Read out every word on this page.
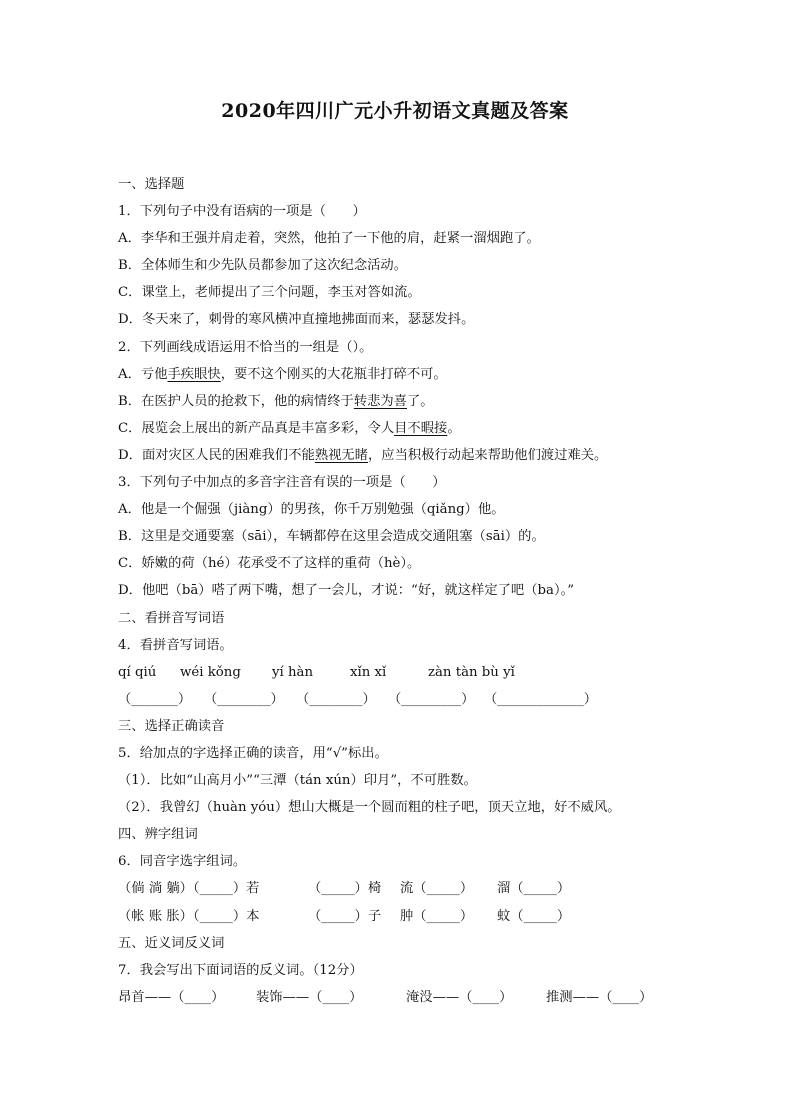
2020年四川广元小升初语文真题及答案
一、选择题
1．下列句子中没有语病的一项是（　　）
A．李华和王强并肩走着，突然，他拍了一下他的肩，赶紧一溜烟跑了。
B．全体师生和少先队员都参加了这次纪念活动。
C．课堂上，老师提出了三个问题，李玉对答如流。
D．冬天来了，刺骨的寒风横冲直撞地拂面而来，瑟瑟发抖。
2．下列画线成语运用不恰当的一组是（）。
A．亏他手疾眼快，要不这个刚买的大花瓶非打碎不可。
B．在医护人员的抢救下，他的病情终于转悲为喜了。
C．展览会上展出的新产品真是丰富多彩，令人目不暇接。
D．面对灾区人民的困难我们不能熟视无睹，应当积极行动起来帮助他们渡过难关。
3．下列句子中加点的多音字注音有误的一项是（　　）
A．他是一个倔强（jiàng）的男孩，你千万别勉强（qiǎng）他。
B．这里是交通要塞（sāi），车辆都停在这里会造成交通阻塞（sāi）的。
C．娇嫩的荷（hé）花承受不了这样的重荷（hè）。
D．他吧（bā）嗒了两下嘴，想了一会儿，才说：“好，就这样定了吧（ba）。”
二、看拼音写词语
4．看拼音写词语。
qí qiú wéi kǒng yí hàn	xǐn xǐ	zàn tàn bù yǐ
（_______） （________） （________） （_________） （_____________）
三、选择正确读音
5．给加点的字选择正确的读音，用“√”标出。
（1）．比如“山高月小”“三潭（tán xún）印月”，不可胜数。
（2）．我曾幻（huàn yóu）想山大概是一个圆而粗的柱子吧，顶天立地，好不威风。
四、辨字组词
6．同音字选字组词。
（倘 淌 躺）（_____）若	（_____）椅 流（_____） 溜（_____）
（帐 账 胀）（_____）本	（_____）子 肿（_____） 蚊（_____）
五、近义词反义词
7．我会写出下面词语的反义词。（12分）
昂首——（____） 装饰——（____）	淹没——（____）	推测——（____）
